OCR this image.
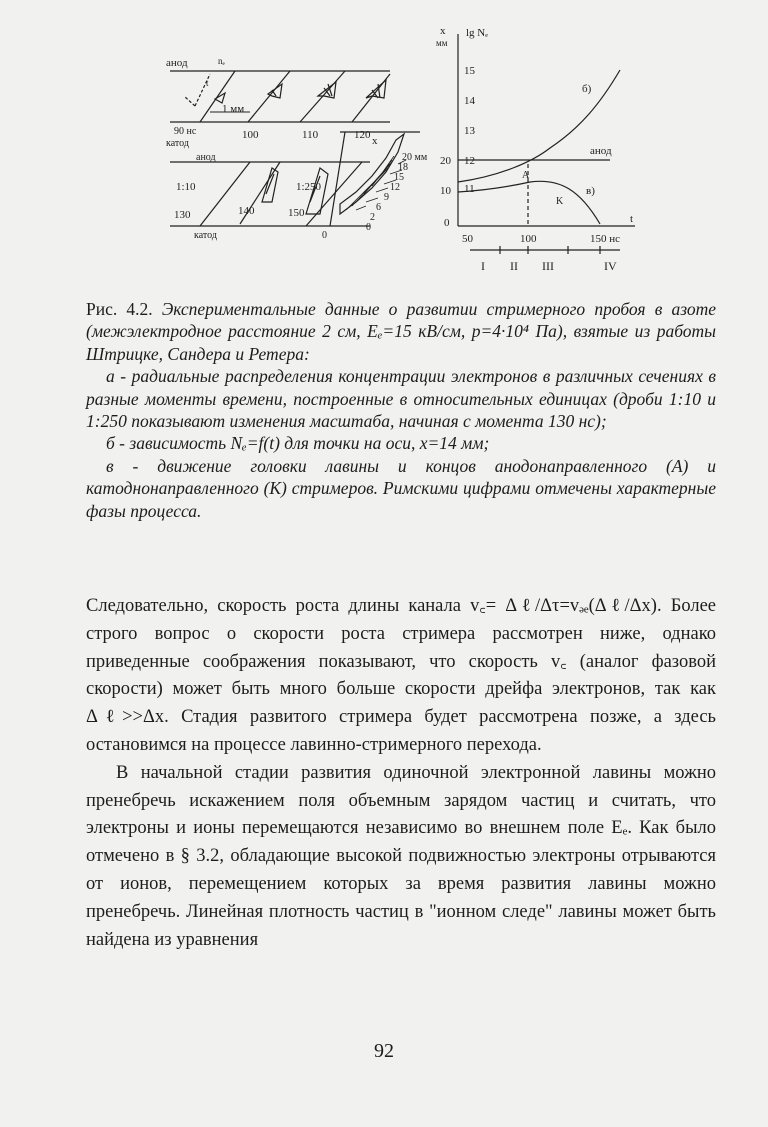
анод	nₑ
t
1 мм
90 нс	100	110	120
катод
анод
1:10	1:250
130	140	150
катод
x
20 мм
18
15
12
9
6
2
0
0
x
мм
lg Nₑ
15
14
13
12
11
20
10
0
50	100	150 нс
t
б)
анод
A
в)
K
I II III	IV

Рис. 4.2. Экспериментальные данные о развитии стримерного пробоя в азоте (межэлектродное расстояние 2 см, Eₑ=15 кВ/см, p=4·10⁴ Па), взятые из работы Штрицке, Сандера и Ретера:

а - радиальные распределения концентрации электронов в различных сечениях в разные моменты времени, построенные в относительных единицах (дроби 1:10 и 1:250 показывают изменения масштаба, начиная с момента 130 нс);

б - зависимость Nₑ=f(t) для точки на оси, x=14 мм;

в - движение головки лавины и концов анодонаправленного (А) и катоднонаправленного (К) стримеров. Римскими цифрами отмечены характерные фазы процесса.

Следовательно, скорость роста длины канала v꜀= Δℓ/Δτ=vₔₑ(Δℓ/Δx). Более строго вопрос о скорости роста стримера рассмотрен ниже, однако приведенные соображения показывают, что скорость v꜀ (аналог фазовой скорости) может быть много больше скорости дрейфа электронов, так как Δℓ>>Δx. Стадия развитого стримера будет рассмотрена позже, а здесь остановимся на процессе лавинно-стримерного перехода.

В начальной стадии развития одиночной электронной лавины можно пренебречь искажением поля объемным зарядом частиц и считать, что электроны и ионы перемещаются независимо во внешнем поле Eₑ. Как было отмечено в § 3.2, обладающие высокой подвижностью электроны отрываются от ионов, перемещением которых за время развития лавины можно пренебречь. Линейная плотность частиц в "ионном следе" лавины может быть найдена из уравнения

92
